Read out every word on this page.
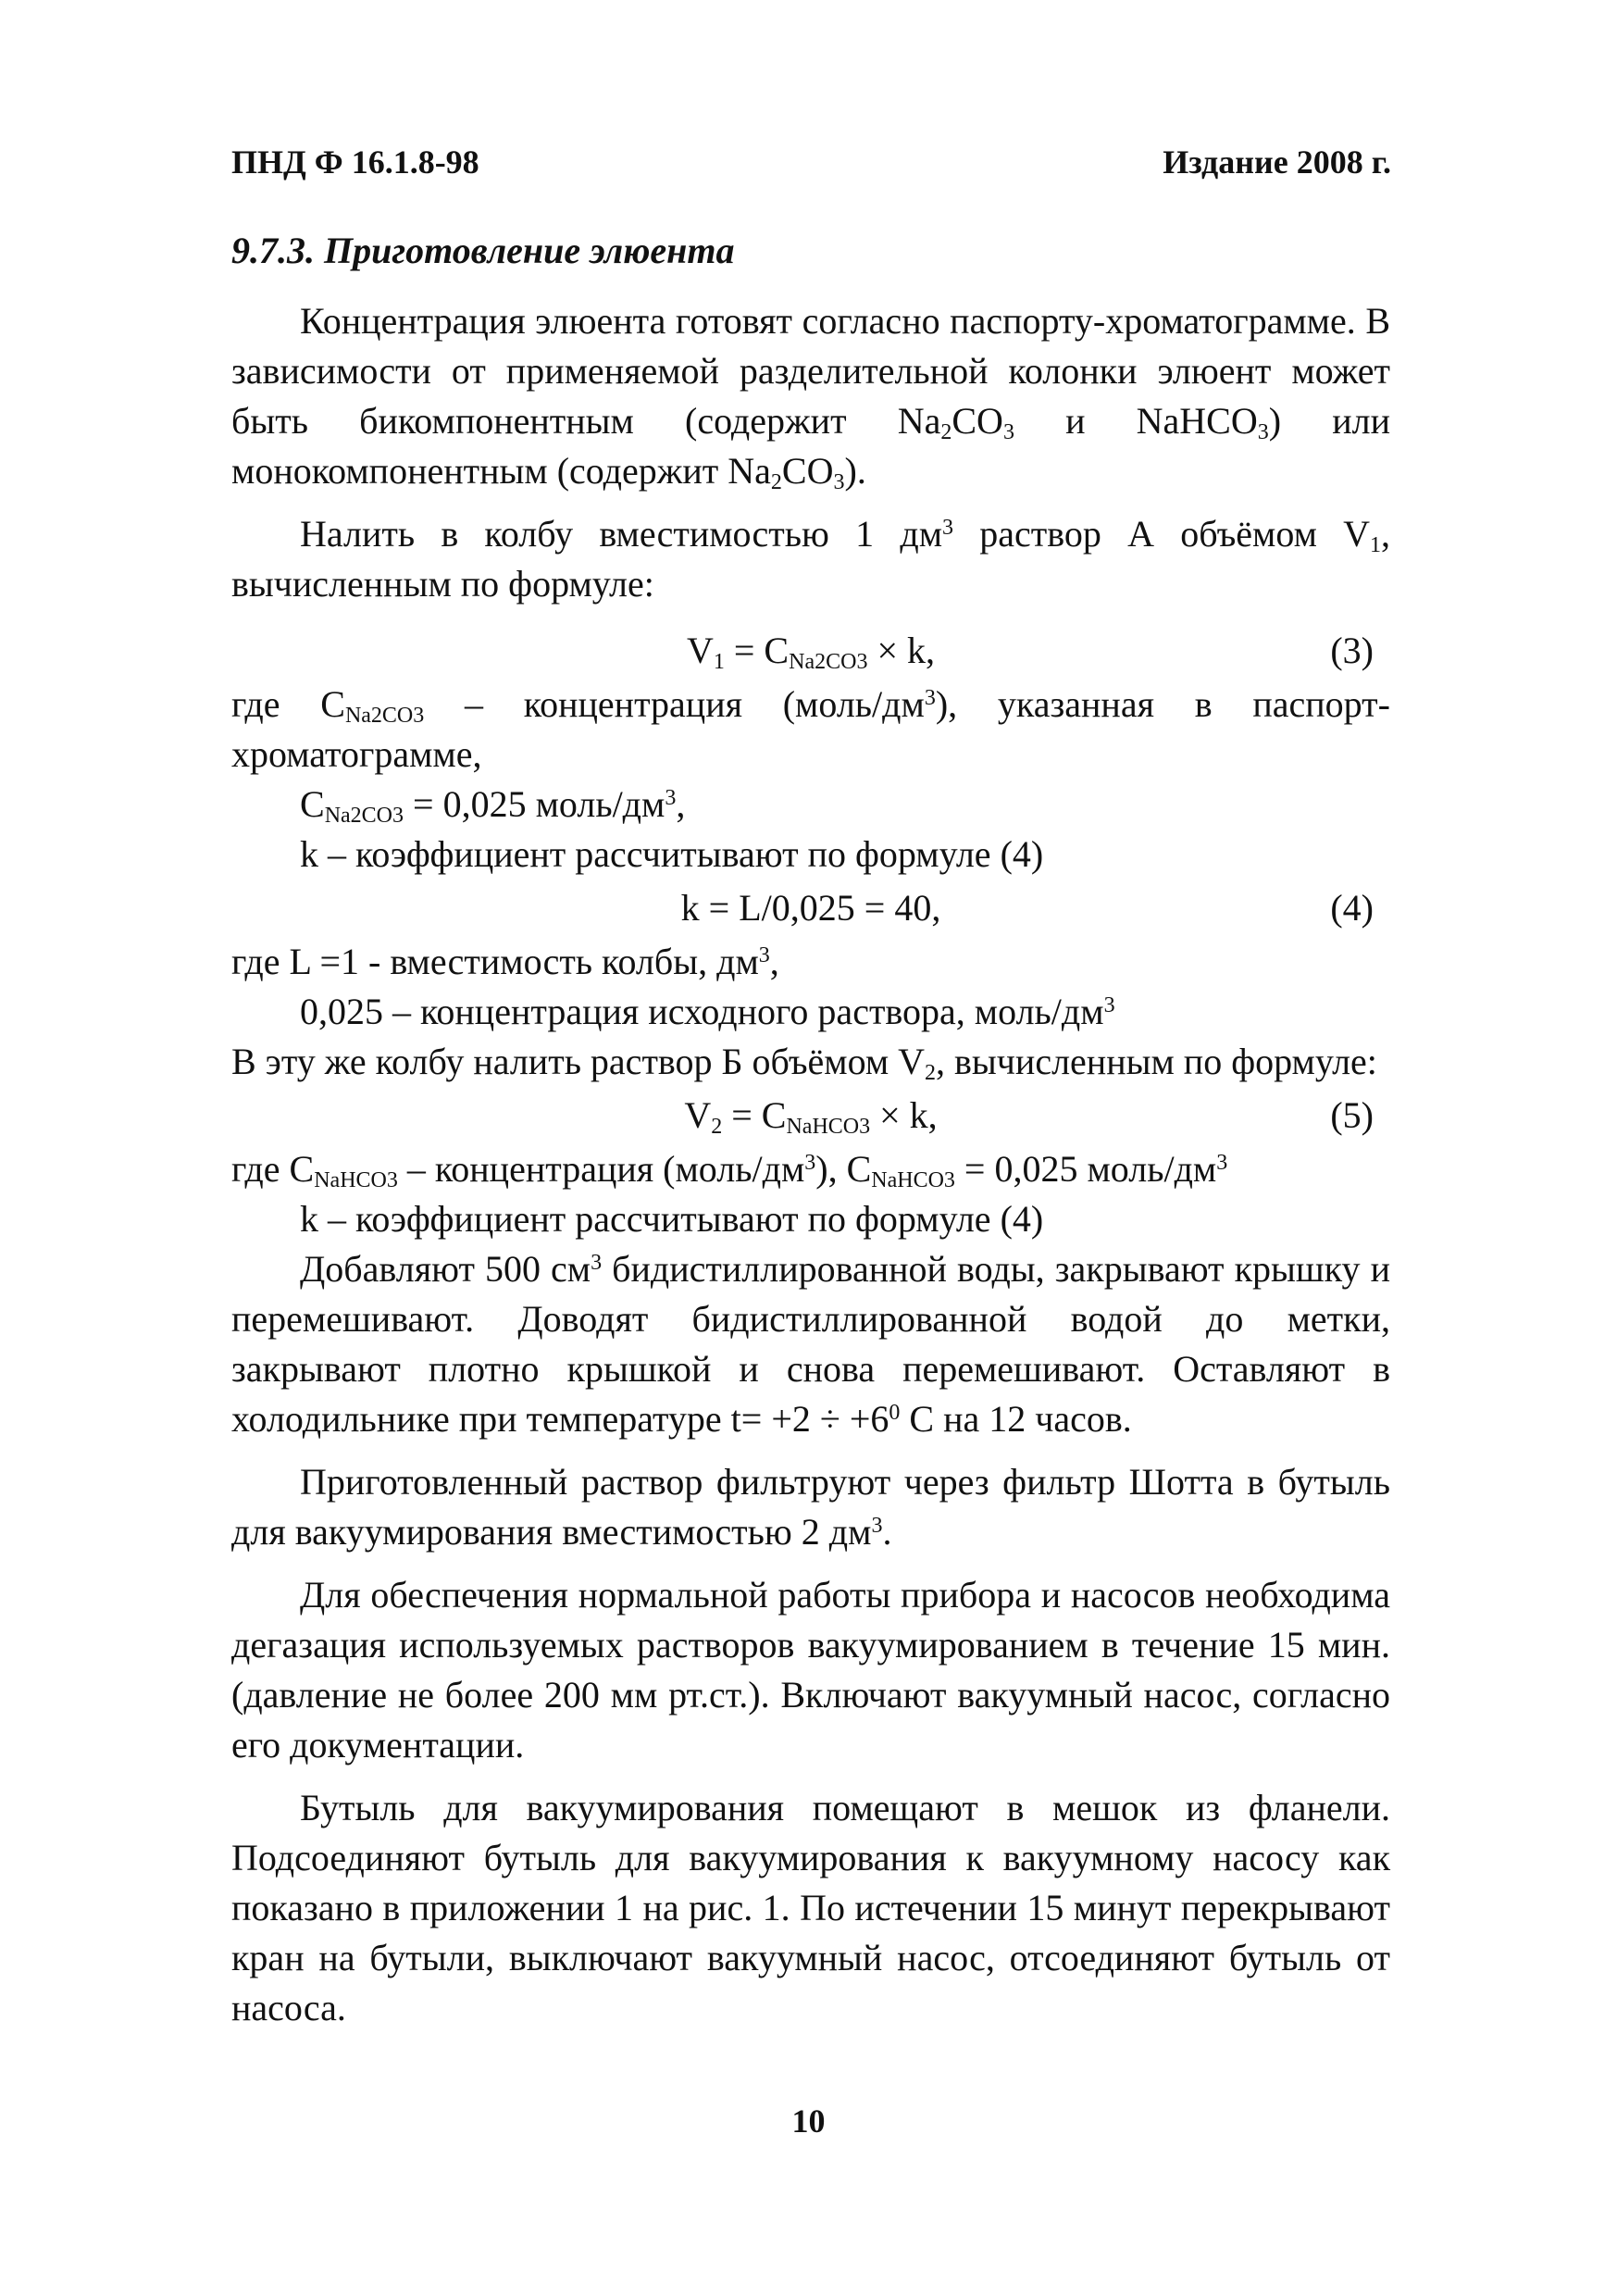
ПНД Ф 16.1.8-98	Издание 2008 г.
9.7.3. Приготовление элюента

Концентрация элюента готовят согласно паспорту-хроматограмме. В зависимости от применяемой разделительной колонки элюент может быть бикомпонентным (содержит $Na_2CO_3$ и NaHCO$_3$) или монокомпонентным (содержит $Na_2CO_3$).

Налить в колбу вместимостью 1 $дм^3$ раствор А объёмом $V_1$, вычисленным по формуле:

$V_1 = C_{Na2CO3} \times k$,	(3)
где $C_{Na2CO3}$ – концентрация $(моль/дм^3)$, указанная в паспорт-

хроматограмме,

$C_{Na2CO3} = 0,025$ моль/$дм^3$,

k – коэффициент рассчитывают по формуле (4)

k = L/0,025 = 40,	(4)

где L =1 - вместимость колбы, $дм^3$,

0,025 – концентрация исходного раствора, моль/$дм^3$

В эту же колбу налить раствор Б объёмом $V_2$, вычисленным по формуле:

$V_2 = C_{NaHCO3} \times k$,	(5)

где $C_{NaHCO3}$ – концентрация $(моль/дм^3)$, $C_{NaHCO3} = 0,025$ моль/$дм^3$

k – коэффициент рассчитывают по формуле (4)

Добавляют 500 $см^3$ бидистиллированной воды, закрывают крышку и перемешивают. Доводят бидистиллированной водой до метки, закрывают плотно крышкой и снова перемешивают. Оставляют в холодильнике при температуре $t= +2 \div +6^0$ C на 12 часов.

Приготовленный раствор фильтруют через фильтр Шотта в бутыль для вакуумирования вместимостью 2 $дм^3$.

Для обеспечения нормальной работы прибора и насосов необходима дегазация используемых растворов вакуумированием в течение 15 мин. (давление не более 200 мм рт.ст.). Включают вакуумный насос, согласно его документации.

Бутыль для вакуумирования помещают в мешок из фланели. Подсоединяют бутыль для вакуумирования к вакуумному насосу как показано в приложении 1 на рис. 1. По истечении 15 минут перекрывают кран на бутыли, выключают вакуумный насос, отсоединяют бутыль от насоса.

10
